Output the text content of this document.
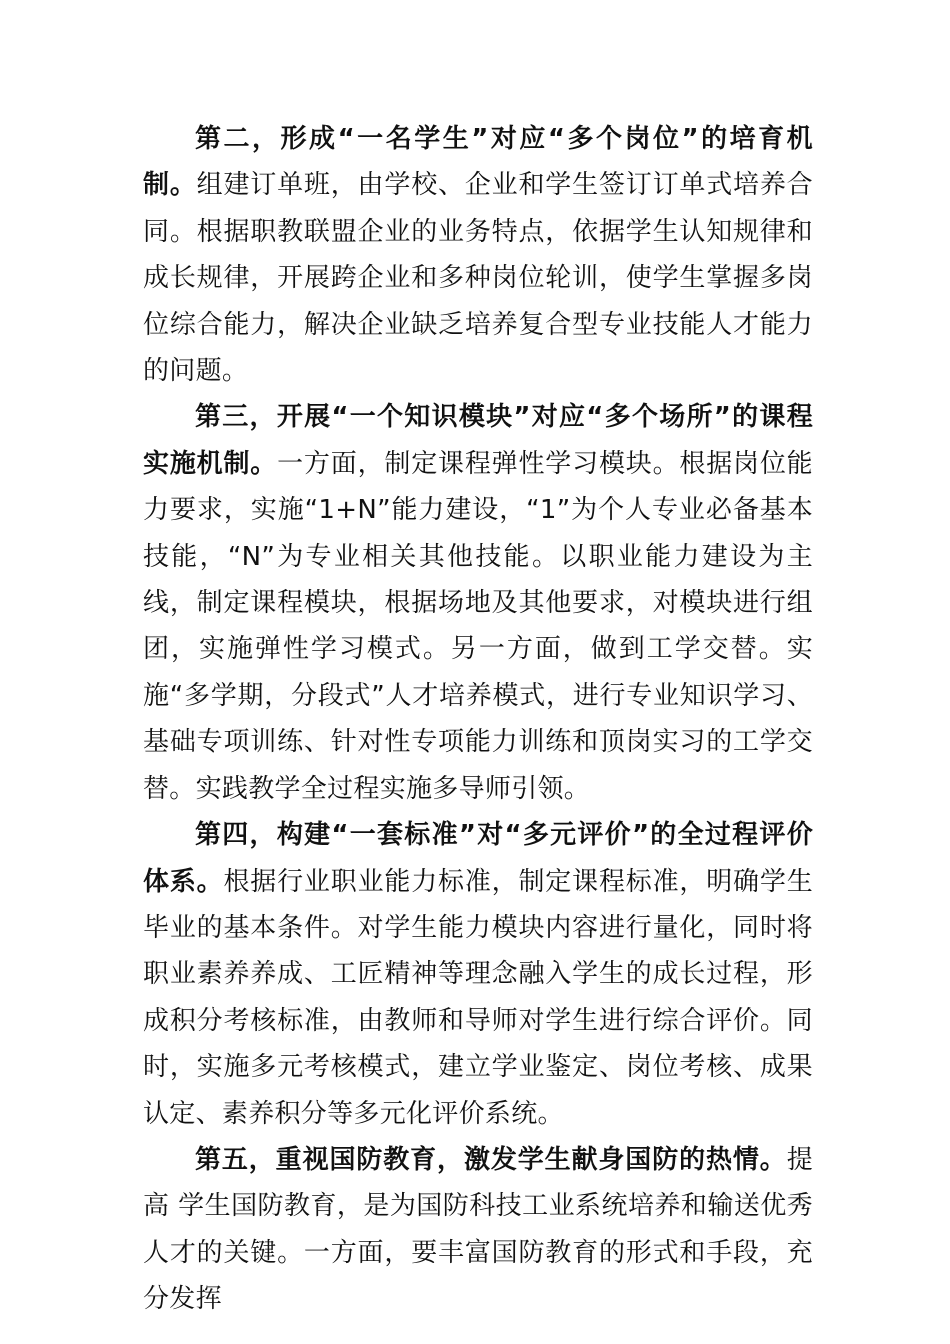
第二，形成“一名学生”对应“多个岗位”的培育机制。组建订单班，由学校、企业和学生签订订单式培养合同。根据职教联盟企业的业务特点，依据学生认知规律和成长规律，开展跨企业和多种岗位轮训，使学生掌握多岗位综合能力，解决企业缺乏培养复合型专业技能人才能力的问题。

第三，开展“一个知识模块”对应“多个场所”的课程实施机制。一方面，制定课程弹性学习模块。根据岗位能力要求，实施“1+N”能力建设，“1”为个人专业必备基本技能，“N”为专业相关其他技能。以职业能力建设为主线，制定课程模块，根据场地及其他要求，对模块进行组团，实施弹性学习模式。另一方面，做到工学交替。实施“多学期，分段式”人才培养模式，进行专业知识学习、基础专项训练、针对性专项能力训练和顶岗实习的工学交替。实践教学全过程实施多导师引领。

第四，构建“一套标准”对“多元评价”的全过程评价体系。根据行业职业能力标准，制定课程标准，明确学生毕业的基本条件。对学生能力模块内容进行量化，同时将职业素养养成、工匠精神等理念融入学生的成长过程，形成积分考核标准，由教师和导师对学生进行综合评价。同时，实施多元考核模式，建立学业鉴定、岗位考核、成果认定、素养积分等多元化评价系统。

第五，重视国防教育，激发学生献身国防的热情。提高 学生国防教育，是为国防科技工业系统培养和输送优秀人才的关键。一方面，要丰富国防教育的形式和手段，充分发挥
